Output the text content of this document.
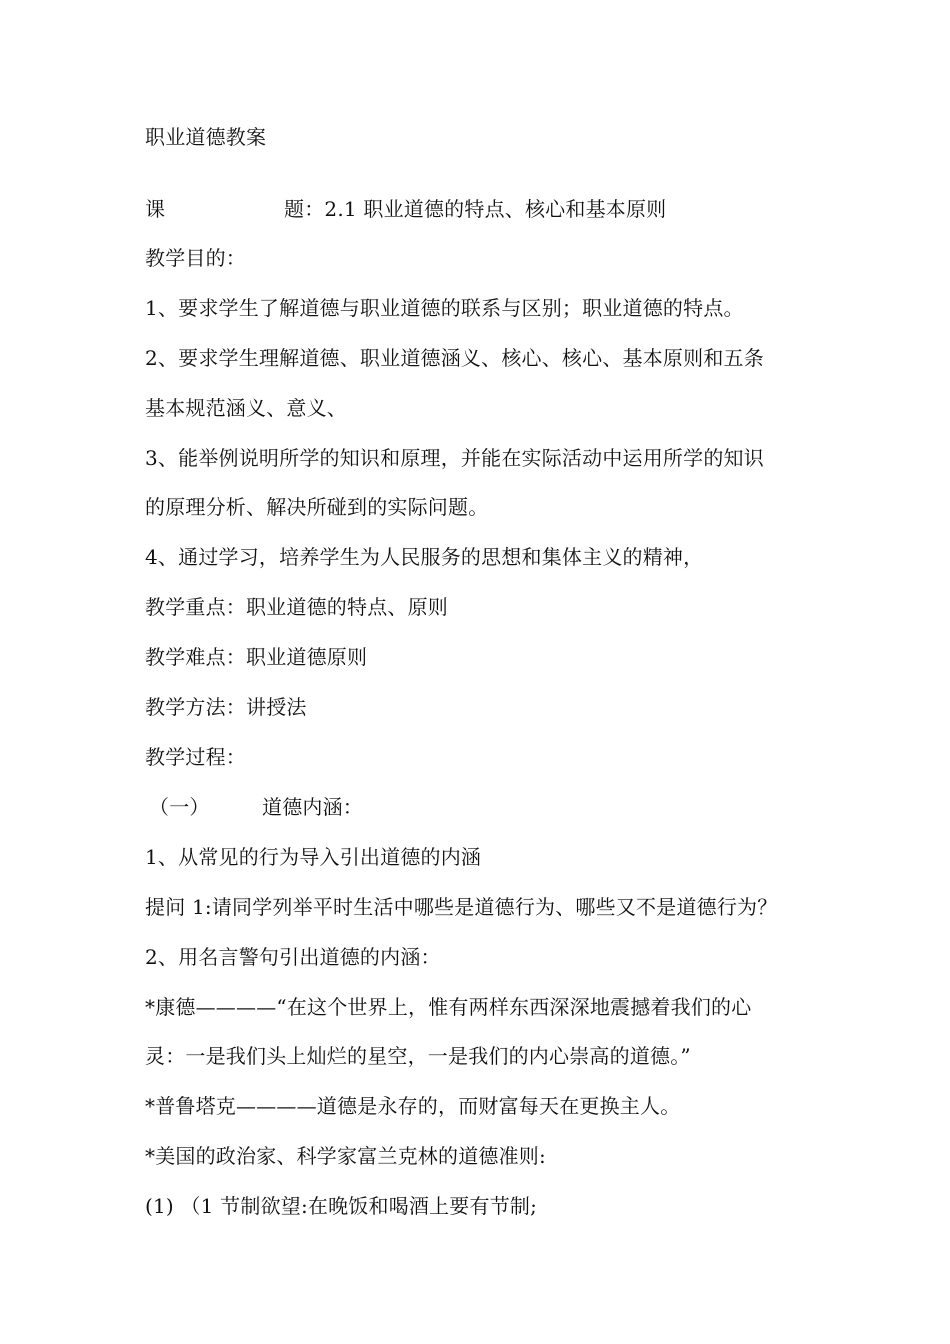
职业道德教案
课	题：2.1 职业道德的特点、核心和基本原则
教学目的：
1、要求学生了解道德与职业道德的联系与区别；职业道德的特点。
2、要求学生理解道德、职业道德涵义、核心、核心、基本原则和五条
基本规范涵义、意义、
3、能举例说明所学的知识和原理，并能在实际活动中运用所学的知识
的原理分析、解决所碰到的实际问题。
4、通过学习，培养学生为人民服务的思想和集体主义的精神，
教学重点：职业道德的特点、原则
教学难点：职业道德原则
教学方法：讲授法
教学过程：
（一）	道德内涵：
1、从常见的行为导入引出道德的内涵
提问 1:请同学列举平时生活中哪些是道德行为、哪些又不是道德行为？
2、用名言警句引出道德的内涵：
*康德————“在这个世界上，惟有两样东西深深地震撼着我们的心
灵：一是我们头上灿烂的星空，一是我们的内心崇高的道德。”
*普鲁塔克————道德是永存的，而财富每天在更换主人。
*美国的政治家、科学家富兰克林的道德准则:
(1) （1 节制欲望:在晚饭和喝酒上要有节制;
